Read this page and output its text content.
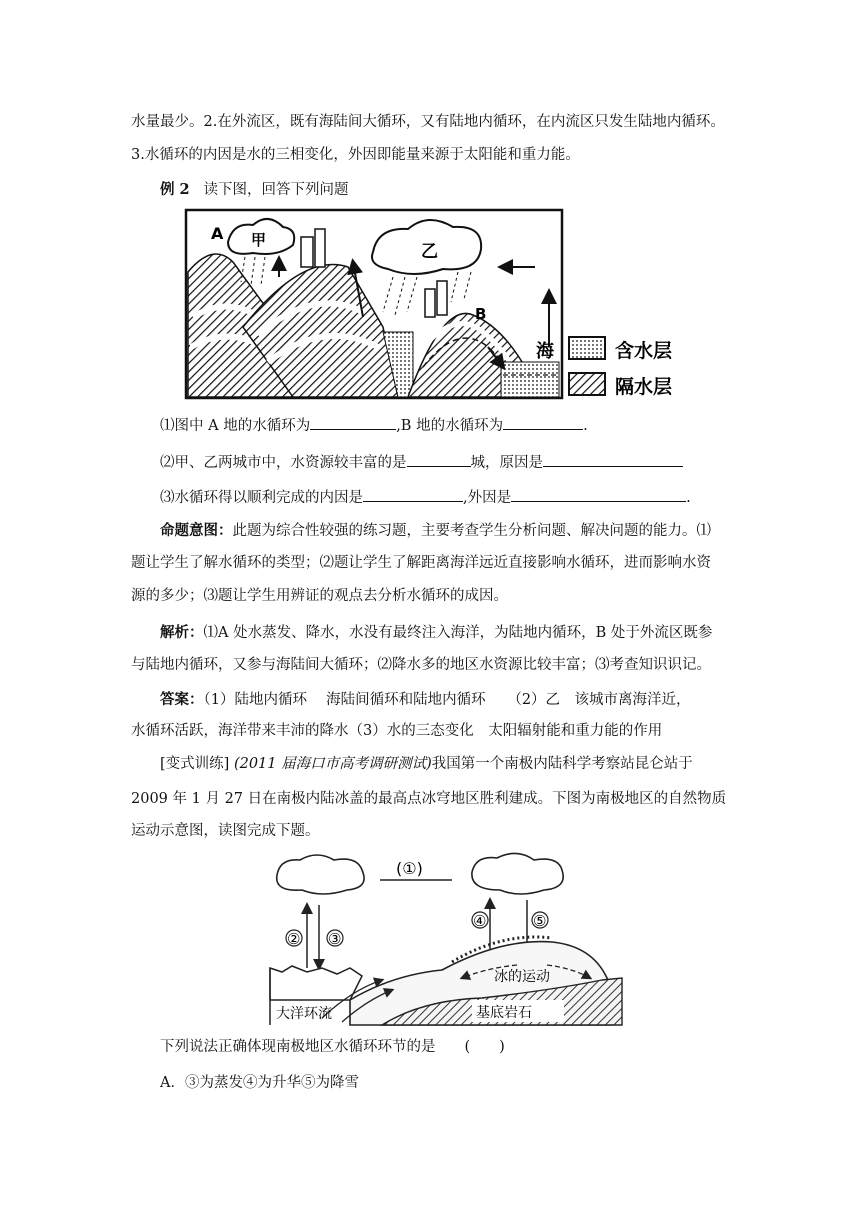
水量最少。2.在外流区，既有海陆间大循环，又有陆地内循环，在内流区只发生陆地内循环。
3.水循环的内因是水的三相变化，外因即能量来源于太阳能和重力能。
例 2 读下图，回答下列问题
A 甲
乙
B
海	含水层
隔水层
⑴图中 A 地的水循环为	,B 地的水循环为	.
⑵甲、乙两城市中，水资源较丰富的是	城，原因是
⑶水循环得以顺利完成的内因是	,外因是	.
命题意图：此题为综合性较强的练习题，主要考查学生分析问题、解决问题的能力。⑴
题让学生了解水循环的类型；⑵题让学生了解距离海洋远近直接影响水循环，进而影响水资
源的多少；⑶题让学生用辨证的观点去分析水循环的成因。
解析：⑴A 处水蒸发、降水，水没有最终注入海洋，为陆地内循环，B 处于外流区既参
与陆地内循环，又参与海陆间大循环；⑵降水多的地区水资源比较丰富；⑶考查知识识记。
答案：（1）陆地内循环　 海陆间循环和陆地内循环　　（2）乙　该城市离海洋近，
水循环活跃，海洋带来丰沛的降水（3）水的三态变化　太阳辐射能和重力能的作用
[变式训练] (2011 届海口市高考调研测试)我国第一个南极内陆科学考察站昆仑站于
2009 年 1 月 27 日在南极内陆冰盖的最高点冰穹地区胜利建成。下图为南极地区的自然物质
运动示意图，读图完成下题。
(①)
② ③
④	⑤
基底岩石
冰的运动
大洋环流
下列说法正确体现南极地区水循环环节的是　　(　　)
A．③为蒸发④为升华⑤为降雪
